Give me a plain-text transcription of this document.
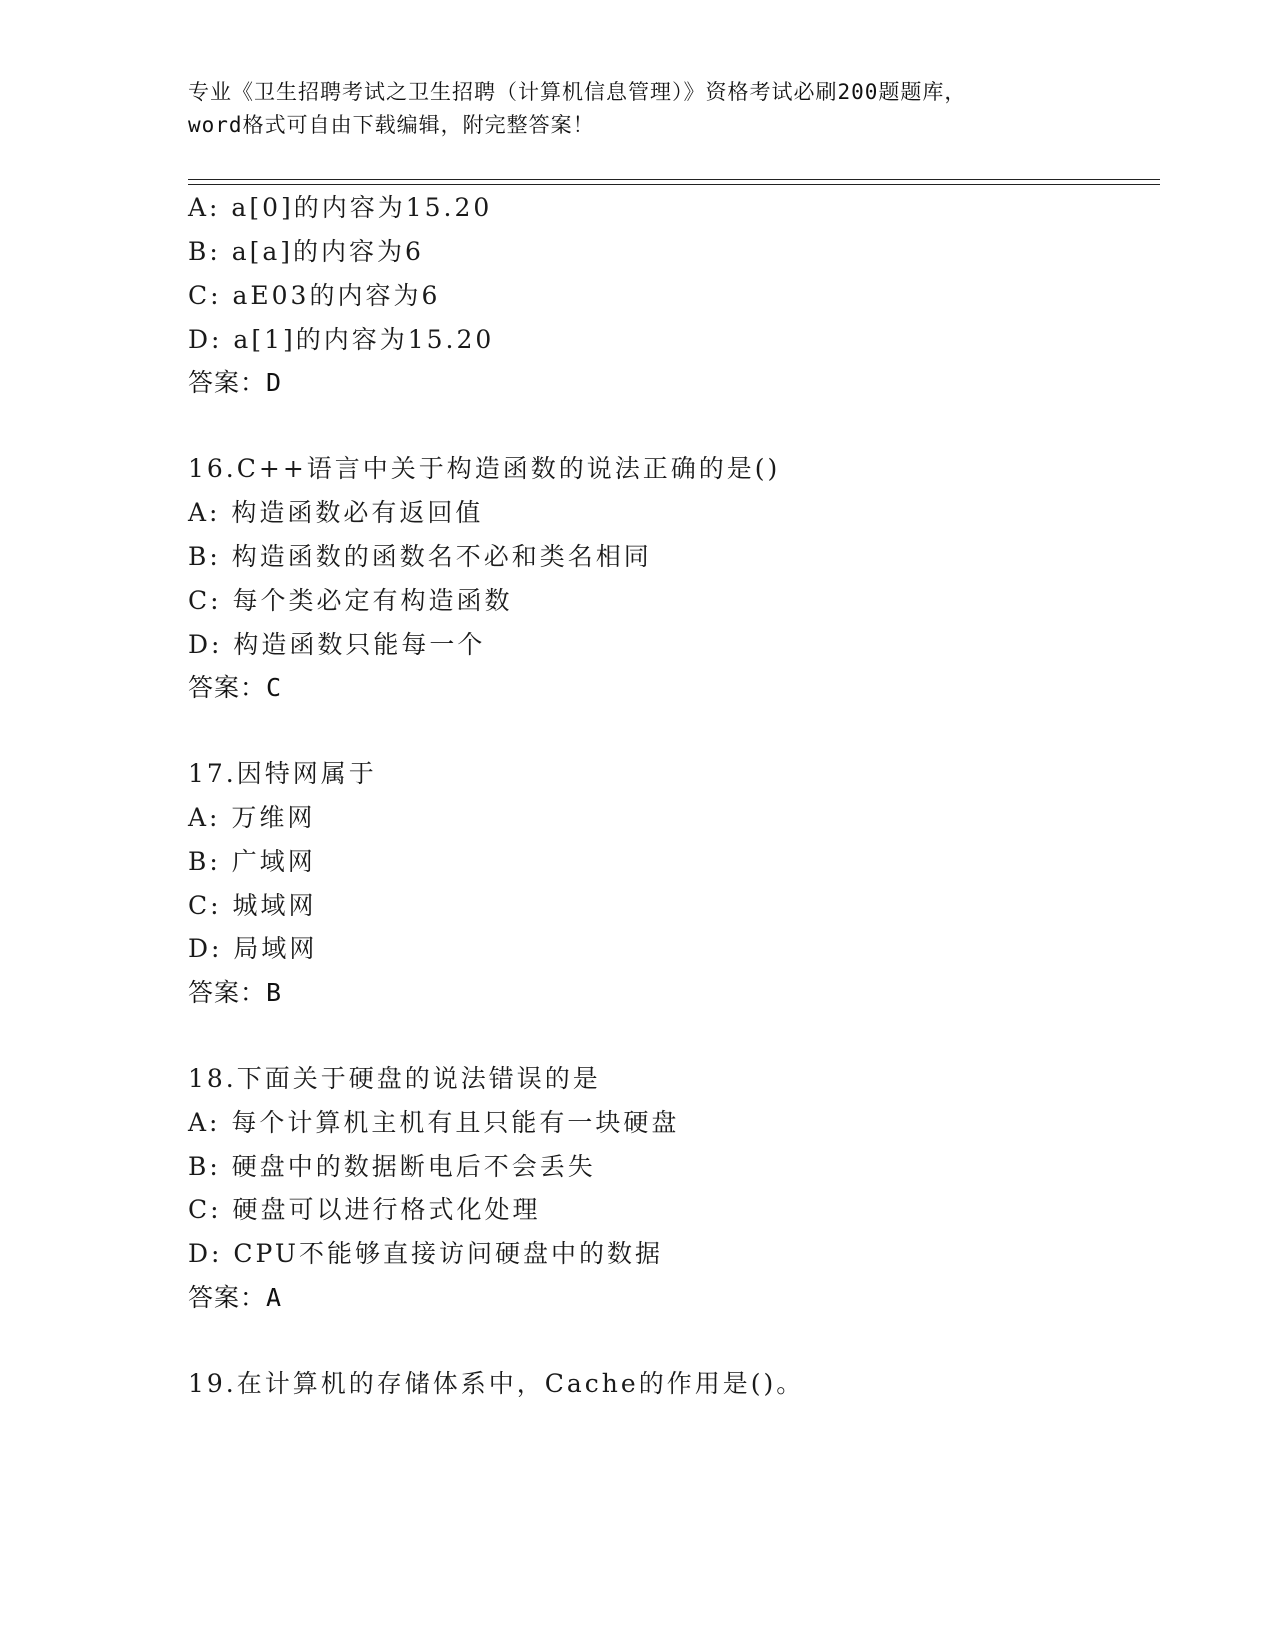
专业《卫生招聘考试之卫生招聘（计算机信息管理）》资格考试必刷200题题库，
word格式可自由下载编辑，附完整答案！
A: a[0]的内容为15.20
B: a[a]的内容为6
C: aE03的内容为6
D: a[1]的内容为15.20
答案：D
16.C++语言中关于构造函数的说法正确的是()
A: 构造函数必有返回值
B: 构造函数的函数名不必和类名相同
C: 每个类必定有构造函数
D: 构造函数只能每一个
答案：C
17.因特网属于
A: 万维网
B: 广域网
C: 城域网
D: 局域网
答案：B
18.下面关于硬盘的说法错误的是
A: 每个计算机主机有且只能有一块硬盘
B: 硬盘中的数据断电后不会丢失
C: 硬盘可以进行格式化处理
D: CPU不能够直接访问硬盘中的数据
答案：A
19.在计算机的存储体系中，Cache的作用是()。
